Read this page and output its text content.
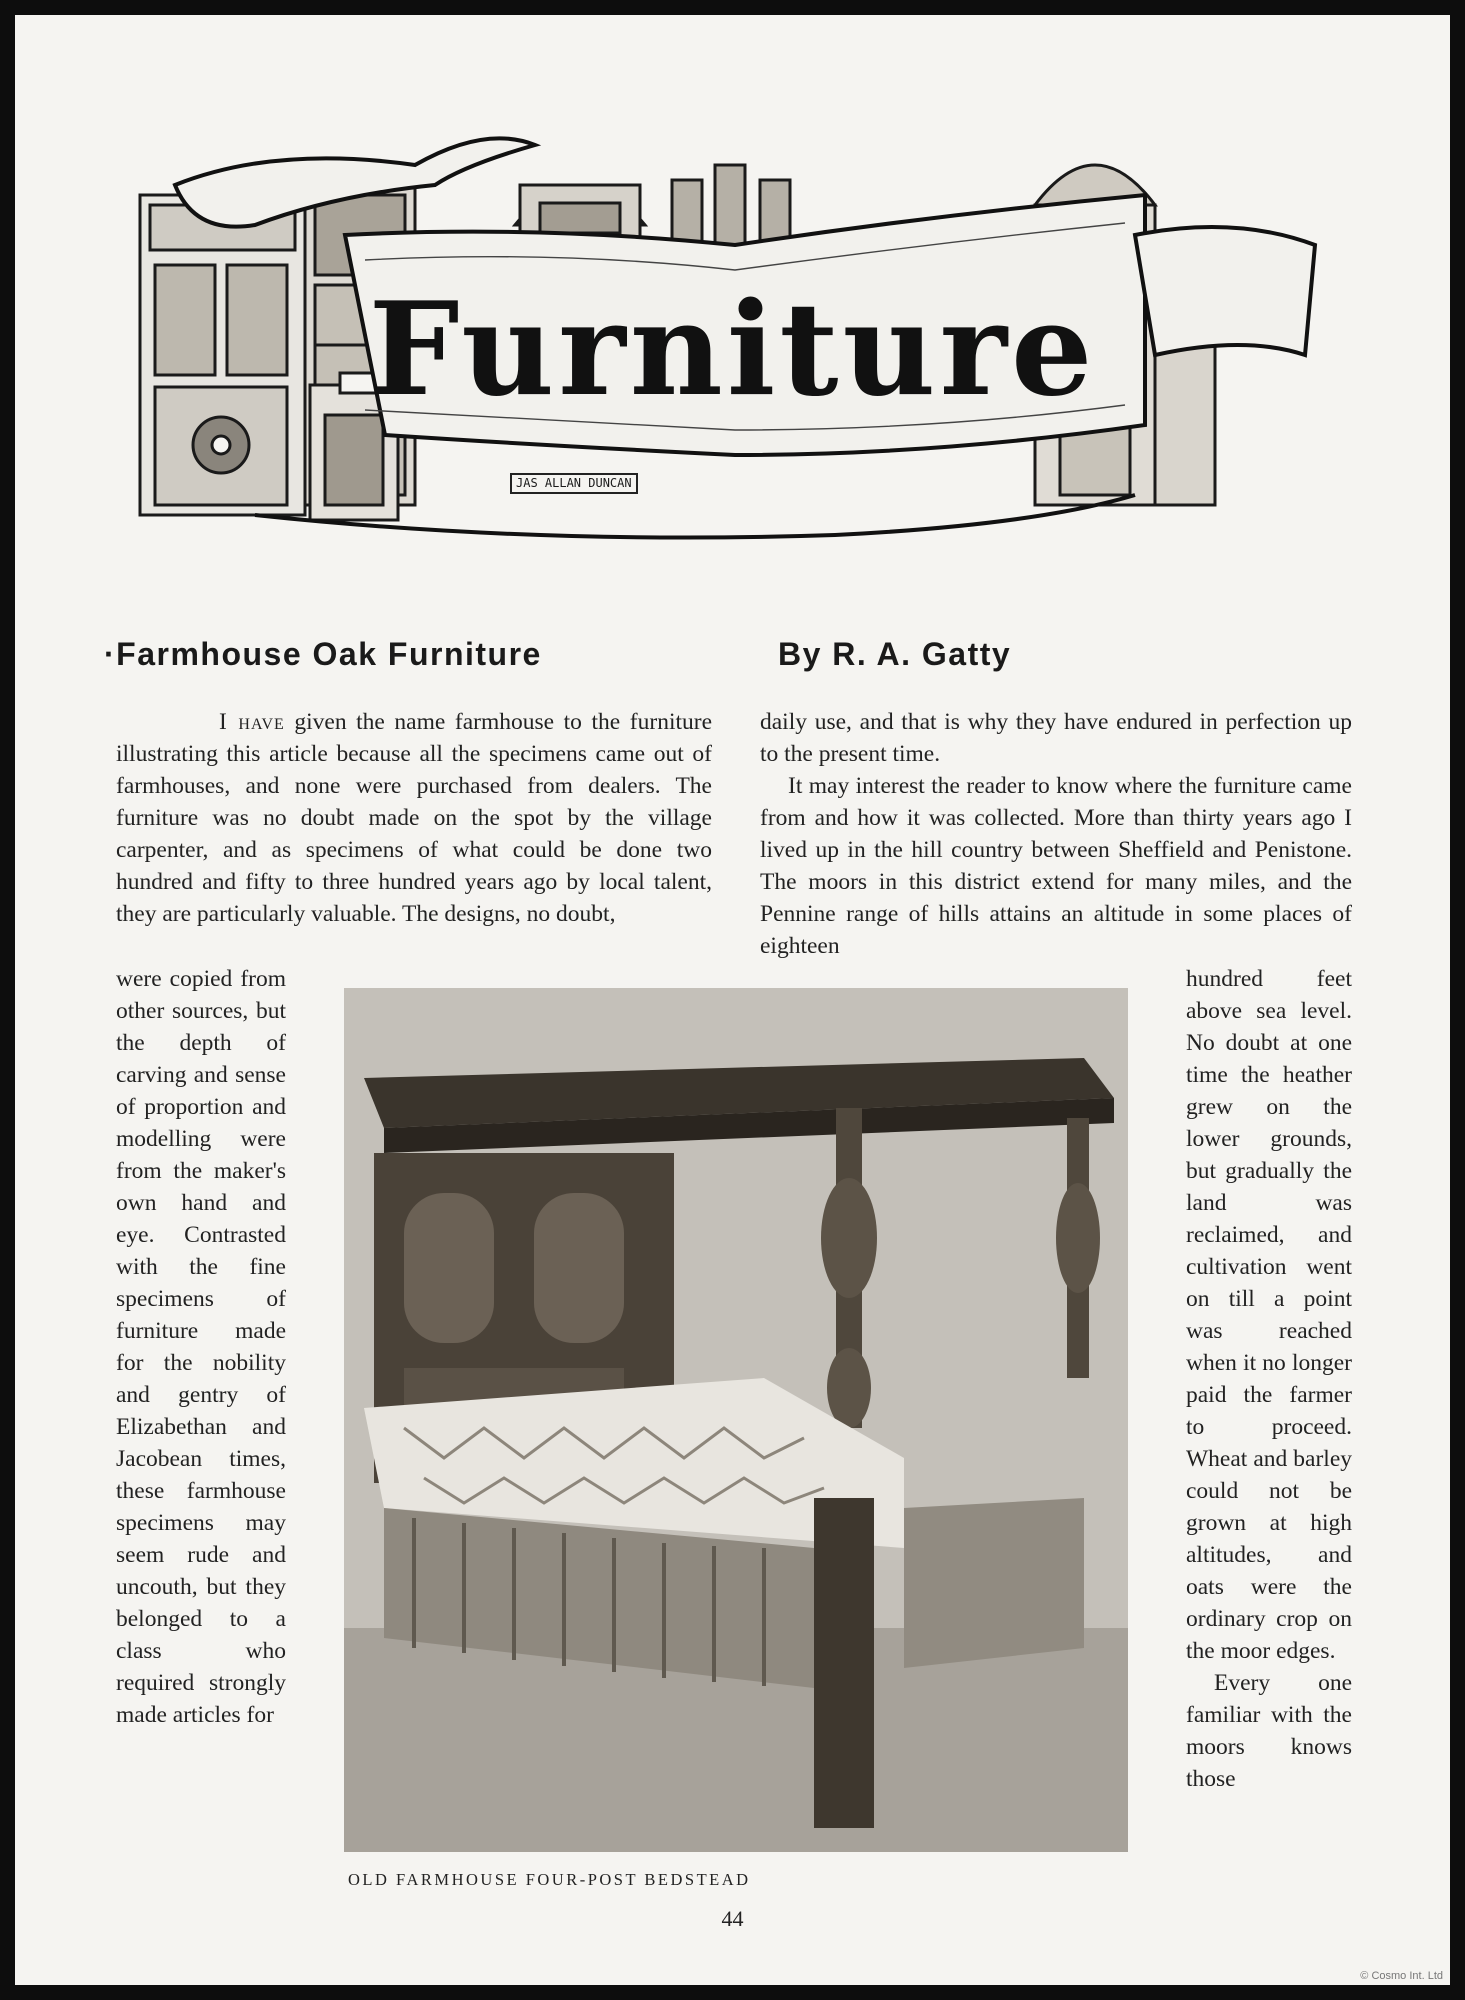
Furniture
JAS ALLAN DUNCAN
·Farmhouse Oak Furniture	By R. A. Gatty

I have given the name farmhouse to the furniture illustrating this article because all the specimens came out of farmhouses, and none were purchased from dealers. The furniture was no doubt made on the spot by the village carpenter, and as specimens of what could be done two hundred and fifty to three hundred years ago by local talent, they are particularly valuable. The designs, no doubt,

were copied from other sources, but the depth of carving and sense of proportion and modelling were from the maker's own hand and eye. Contrasted with the fine specimens of furniture made for the nobility and gentry of Elizabethan and Jacobean times, these farmhouse specimens may seem rude and uncouth, but they belonged to a class who required strongly made articles for

daily use, and that is why they have endured in perfection up to the present time.

It may interest the reader to know where the furniture came from and how it was collected. More than thirty years ago I lived up in the hill country between Sheffield and Penistone. The moors in this district extend for many miles, and the Pennine range of hills attains an altitude in some places of eighteen

hundred feet above sea level. No doubt at one time the heather grew on the lower grounds, but gradually the land was reclaimed, and cultivation went on till a point was reached when it no longer paid the farmer to proceed. Wheat and barley could not be grown at high altitudes, and oats were the ordinary crop on the moor edges.

Every one familiar with the moors knows those

OLD FARMHOUSE FOUR-POST BEDSTEAD
44
© Cosmo Int. Ltd
